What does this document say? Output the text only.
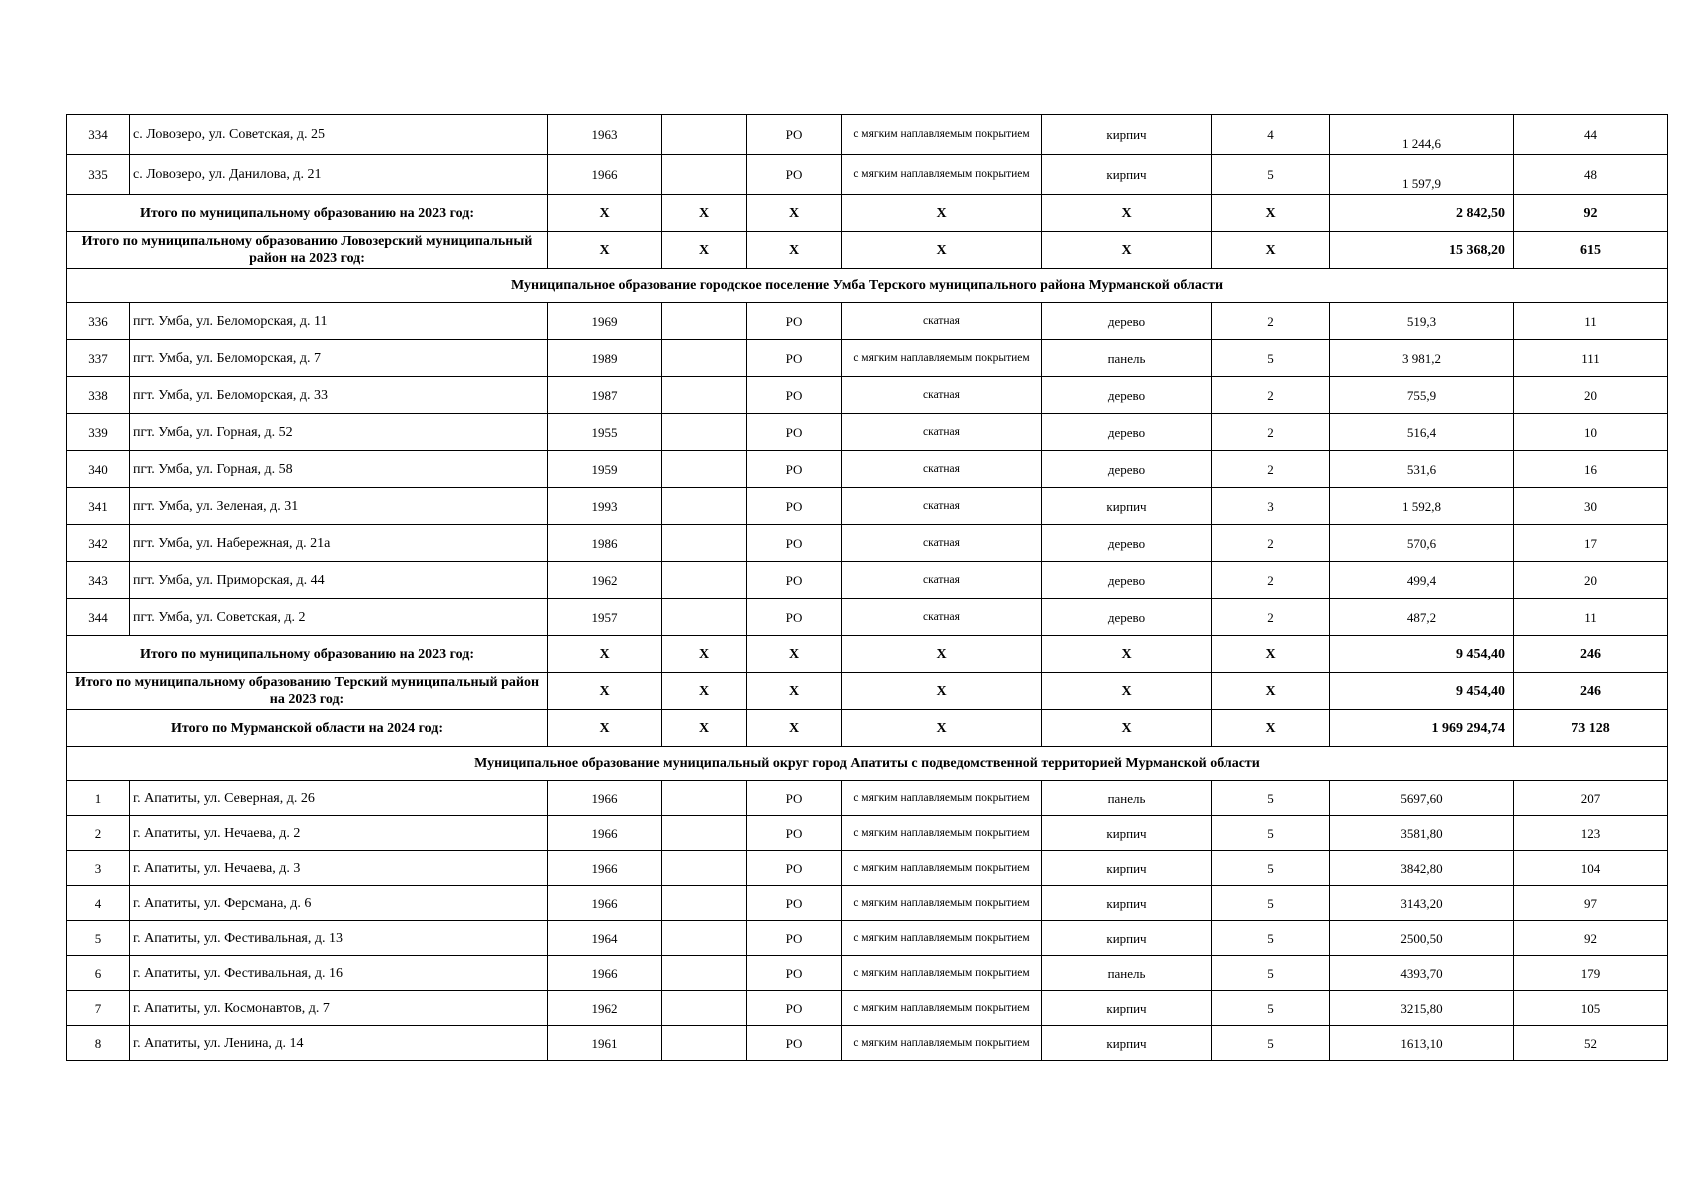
334	с. Ловозеро, ул. Советская, д. 25	1963		РО	с мягким наплавляемым покрытием	кирпич	4	1 244,6	44
335	с. Ловозеро, ул. Данилова, д. 21	1966		РО	с мягким наплавляемым покрытием	кирпич	5	1 597,9	48
Итого по муниципальному образованию на 2023 год:		X	X	X	X	X	X	2 842,50	92
Итого по муниципальному образованию Ловозерский муниципальный район на 2023 год:		X	X	X	X	X	X	15 368,20	615
Муниципальное образование городское поселение Умба Терского муниципального района Мурманской области									
336	пгт. Умба, ул. Беломорская, д. 11	1969		РО	скатная	дерево	2	519,3	11
337	пгт. Умба, ул. Беломорская, д. 7	1989		РО	с мягким наплавляемым покрытием	панель	5	3 981,2	111
338	пгт. Умба, ул. Беломорская, д. 33	1987		РО	скатная	дерево	2	755,9	20
339	пгт. Умба, ул. Горная, д. 52	1955		РО	скатная	дерево	2	516,4	10
340	пгт. Умба, ул. Горная, д. 58	1959		РО	скатная	дерево	2	531,6	16
341	пгт. Умба, ул. Зеленая, д. 31	1993		РО	скатная	кирпич	3	1 592,8	30
342	пгт. Умба, ул. Набережная, д. 21а	1986		РО	скатная	дерево	2	570,6	17
343	пгт. Умба, ул. Приморская, д. 44	1962		РО	скатная	дерево	2	499,4	20
344	пгт. Умба, ул. Советская, д. 2	1957		РО	скатная	дерево	2	487,2	11
Итого по муниципальному образованию на 2023 год:		X	X	X	X	X	X	9 454,40	246
Итого по муниципальному образованию Терский муниципальный район на 2023 год:		X	X	X	X	X	X	9 454,40	246
Итого по Мурманской области на 2024 год:		X	X	X	X	X	X	1 969 294,74	73 128
Муниципальное образование муниципальный округ город Апатиты с подведомственной территорией Мурманской области									
1	г. Апатиты, ул. Северная, д. 26	1966		РО	с мягким наплавляемым покрытием	панель	5	5697,60	207
2	г. Апатиты, ул. Нечаева, д. 2	1966		РО	с мягким наплавляемым покрытием	кирпич	5	3581,80	123
3	г. Апатиты, ул. Нечаева, д. 3	1966		РО	с мягким наплавляемым покрытием	кирпич	5	3842,80	104
4	г. Апатиты, ул. Ферсмана, д. 6	1966		РО	с мягким наплавляемым покрытием	кирпич	5	3143,20	97
5	г. Апатиты, ул. Фестивальная, д. 13	1964		РО	с мягким наплавляемым покрытием	кирпич	5	2500,50	92
6	г. Апатиты, ул. Фестивальная, д. 16	1966		РО	с мягким наплавляемым покрытием	панель	5	4393,70	179
7	г. Апатиты, ул. Космонавтов, д. 7	1962		РО	с мягким наплавляемым покрытием	кирпич	5	3215,80	105
8	г. Апатиты, ул. Ленина, д. 14	1961		РО	с мягким наплавляемым покрытием	кирпич	5	1613,10	52
